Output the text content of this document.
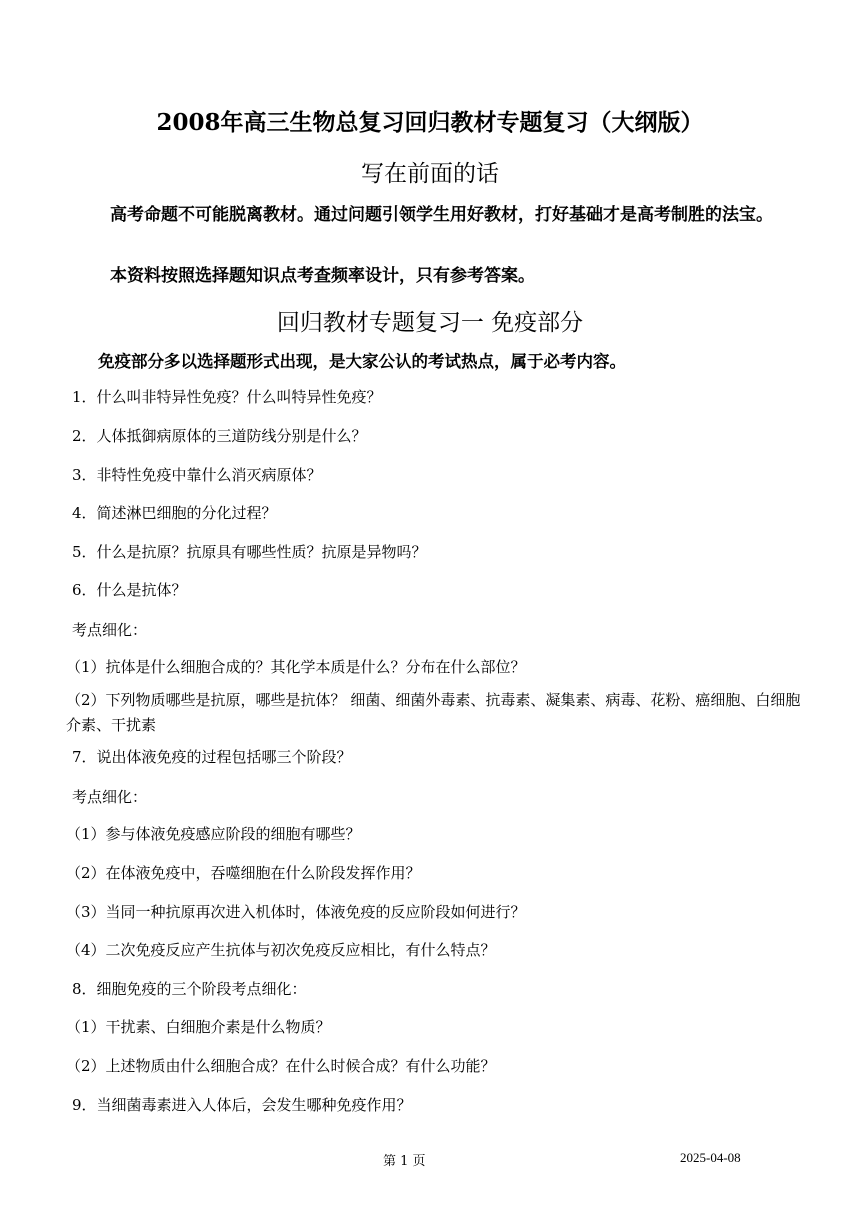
2008年高三生物总复习回归教材专题复习（大纲版）
写在前面的话
高考命题不可能脱离教材。通过问题引领学生用好教材，打好基础才是高考制胜的法宝。
本资料按照选择题知识点考查频率设计，只有参考答案。
回归教材专题复习一 免疫部分
免疫部分多以选择题形式出现，是大家公认的考试热点，属于必考内容。
1．什么叫非特异性免疫？什么叫特异性免疫？
2．人体抵御病原体的三道防线分别是什么？
3．非特性免疫中靠什么消灭病原体？
4．简述淋巴细胞的分化过程？
5．什么是抗原？抗原具有哪些性质？抗原是异物吗？
6．什么是抗体？
考点细化：
（1）抗体是什么细胞合成的？其化学本质是什么？分布在什么部位？
（2）下列物质哪些是抗原，哪些是抗体？ 细菌、细菌外毒素、抗毒素、凝集素、病毒、花粉、癌细胞、白细胞介素、干扰素
7．说出体液免疫的过程包括哪三个阶段？
考点细化：
（1）参与体液免疫感应阶段的细胞有哪些？
（2）在体液免疫中，吞噬细胞在什么阶段发挥作用？
（3）当同一种抗原再次进入机体时，体液免疫的反应阶段如何进行？
（4）二次免疫反应产生抗体与初次免疫反应相比，有什么特点？
8．细胞免疫的三个阶段考点细化：
（1）干扰素、白细胞介素是什么物质？
（2）上述物质由什么细胞合成？在什么时候合成？有什么功能？
9．当细菌毒素进入人体后，会发生哪种免疫作用？
第 1 页	2025-04-08
